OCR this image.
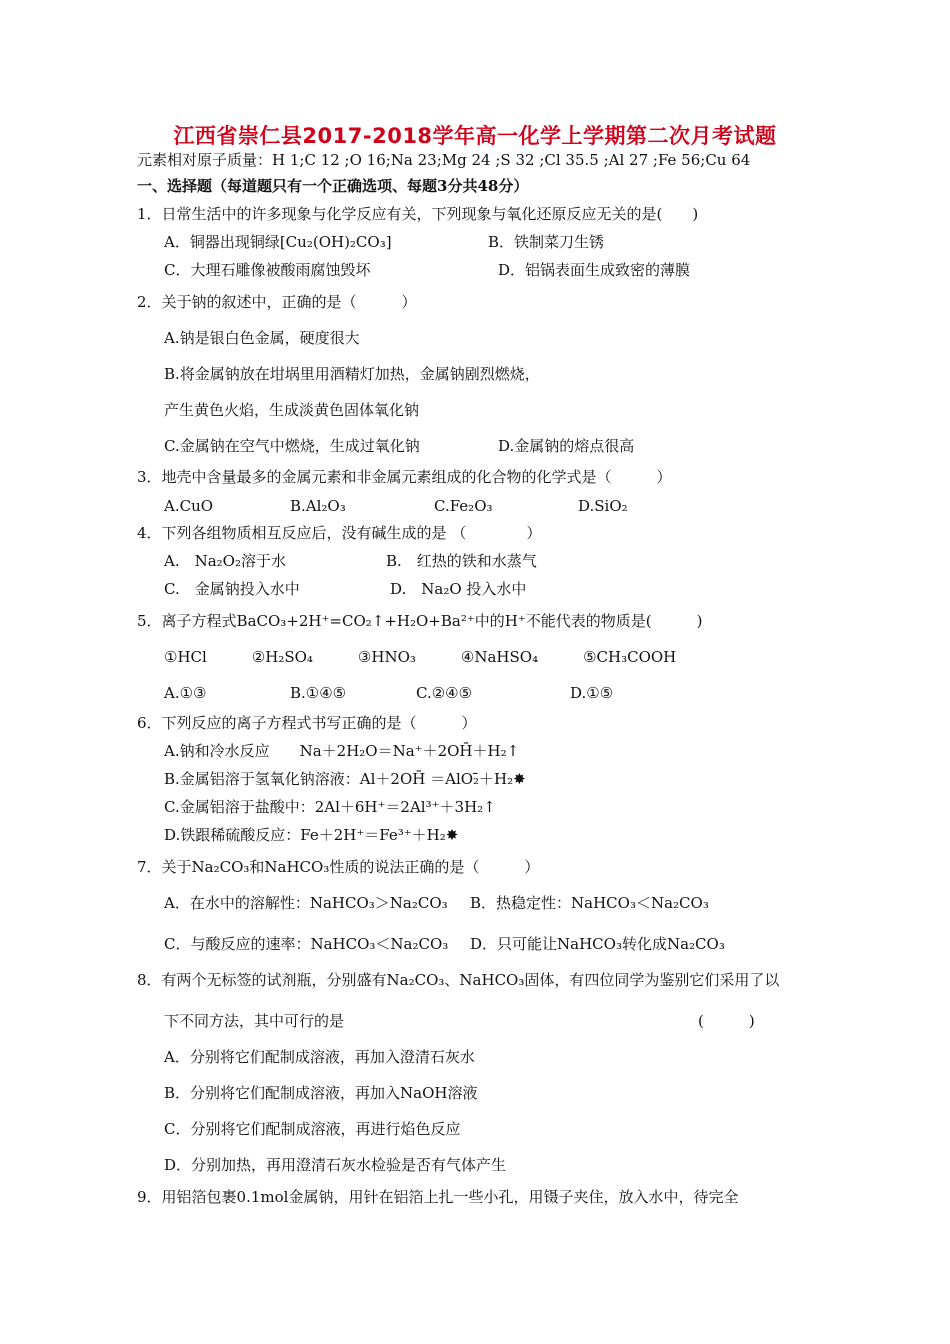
江西省崇仁县2017-2018学年高一化学上学期第二次月考试题
元素相对原子质量：H 1;C 12 ;O 16;Na 23;Mg 24 ;S 32 ;Cl 35.5 ;Al 27 ;Fe 56;Cu 64
一、选择题（每道题只有一个正确选项、每题3分共48分）
1．日常生活中的许多现象与化学反应有关，下列现象与氧化还原反应无关的是(　　)
A．铜器出现铜绿[Cu₂(OH)₂CO₃]	B．铁制菜刀生锈
C．大理石雕像被酸雨腐蚀毁坏	D．铝锅表面生成致密的薄膜
2．关于钠的叙述中，正确的是（　　　）
A.钠是银白色金属，硬度很大
B.将金属钠放在坩埚里用酒精灯加热，金属钠剧烈燃烧，
产生黄色火焰，生成淡黄色固体氧化钠
C.金属钠在空气中燃烧，生成过氧化钠	D.金属钠的熔点很高
3．地壳中含量最多的金属元素和非金属元素组成的化合物的化学式是（　　　）
A.CuO	B.Al₂O₃	C.Fe₂O₃	D.SiO₂
4．下列各组物质相互反应后，没有碱生成的是 （　　　　）
A.　Na₂O₂溶于水	B.　红热的铁和水蒸气
C.　金属钠投入水中	D.　Na₂O 投入水中
5．离子方程式BaCO₃+2H⁺=CO₂↑+H₂O+Ba²⁺中的H⁺不能代表的物质是(　　　)
①HCl　　　②H₂SO₄　　　③HNO₃　　　④NaHSO₄　　　⑤CH₃COOH
A.①③	B.①④⑤	C.②④⑤	D.①⑤
6．下列反应的离子方程式书写正确的是（　　　）
A.钠和冷水反应　　Na＋2H₂O＝Na⁺＋2OH̄＋H₂↑
B.金属铝溶于氢氧化钠溶液：Al＋2OH̄ ＝AlO₂̄＋H₂✸
C.金属铝溶于盐酸中：2Al＋6H⁺＝2Al³⁺＋3H₂↑
D.铁跟稀硫酸反应：Fe＋2H⁺＝Fe³⁺＋H₂✸
7．关于Na₂CO₃和NaHCO₃性质的说法正确的是（　　　）
A．在水中的溶解性：NaHCO₃＞Na₂CO₃ B．热稳定性：NaHCO₃＜Na₂CO₃
C．与酸反应的速率：NaHCO₃＜Na₂CO₃ D．只可能让NaHCO₃转化成Na₂CO₃
8．有两个无标签的试剂瓶，分别盛有Na₂CO₃、NaHCO₃固体，有四位同学为鉴别它们采用了以
下不同方法，其中可行的是	(　　　)
A．分别将它们配制成溶液，再加入澄清石灰水
B．分别将它们配制成溶液，再加入NaOH溶液
C．分别将它们配制成溶液，再进行焰色反应
D．分别加热，再用澄清石灰水检验是否有气体产生
9．用铝箔包裹0.1mol金属钠，用针在铝箔上扎一些小孔，用镊子夹住，放入水中，待完全
